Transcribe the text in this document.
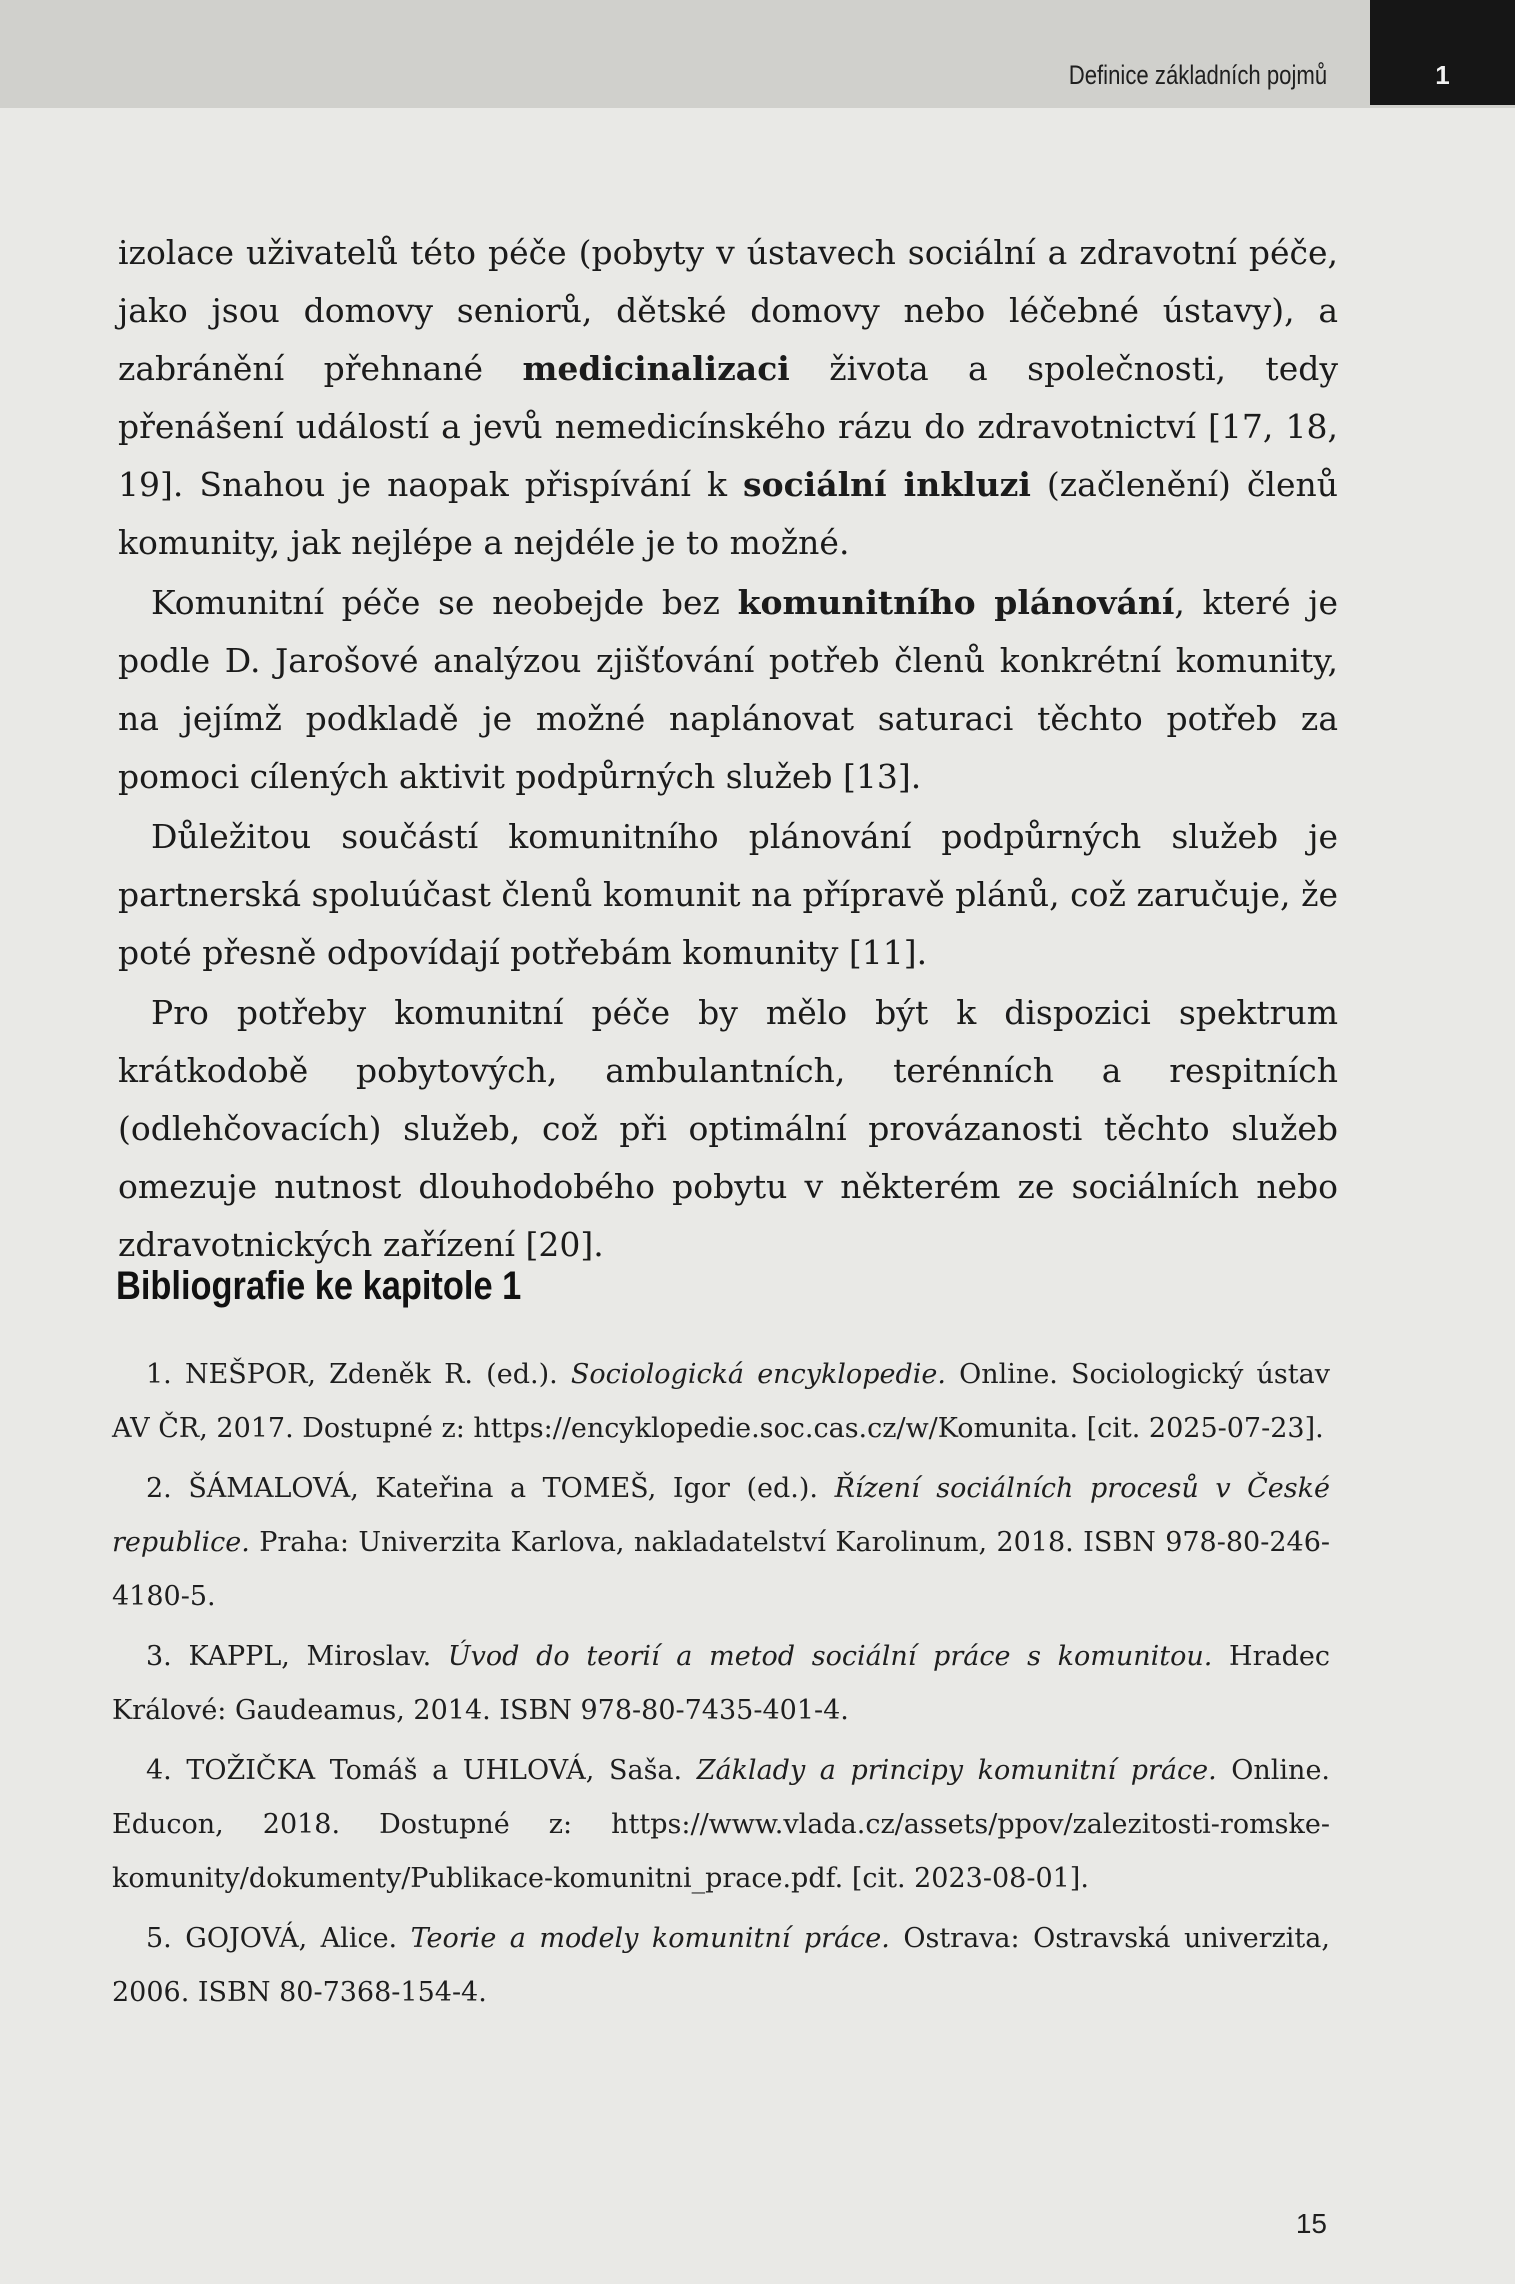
Definice základních pojmů	1

izolace uživatelů této péče (pobyty v ústavech sociální a zdravotní péče, jako jsou domovy seniorů, dětské domovy nebo léčebné ústavy), a zabránění přehnané medicinalizaci života a společnosti, tedy přenášení událostí a jevů nemedicínského rázu do zdravotnictví [17, 18, 19]. Snahou je naopak přispívání k sociální inkluzi (začlenění) členů komunity, jak nejlépe a nejdéle je to možné.

Komunitní péče se neobejde bez komunitního plánování, které je podle D. Jarošové analýzou zjišťování potřeb členů konkrétní komunity, na jejímž podkladě je možné naplánovat saturaci těchto potřeb za pomoci cílených aktivit podpůrných služeb [13].

Důležitou součástí komunitního plánování podpůrných služeb je partnerská spoluúčast členů komunit na přípravě plánů, což zaručuje, že poté přesně odpovídají potřebám komunity [11].

Pro potřeby komunitní péče by mělo být k dispozici spektrum krátkodobě pobytových, ambulantních, terénních a respitních (odlehčovacích) služeb, což při optimální provázanosti těchto služeb omezuje nutnost dlouhodobého pobytu v některém ze sociálních nebo zdravotnických zařízení [20].

Bibliografie ke kapitole 1
1. NEŠPOR, Zdeněk R. (ed.). Sociologická encyklopedie. Online. Sociologický ústav AV ČR, 2017. Dostupné z: https://encyklopedie.soc.cas.cz/w/Komunita. [cit. 2025-07-23].
2. ŠÁMALOVÁ, Kateřina a TOMEŠ, Igor (ed.). Řízení sociálních procesů v České republice. Praha: Univerzita Karlova, nakladatelství Karolinum, 2018. ISBN 978-80-246-4180-5.
3. KAPPL, Miroslav. Úvod do teorií a metod sociální práce s komunitou. Hradec Králové: Gaudeamus, 2014. ISBN 978-80-7435-401-4.
4. TOŽIČKA Tomáš a UHLOVÁ, Saša. Základy a principy komunitní práce. Online. Educon, 2018. Dostupné z: https://www.vlada.cz/assets/ppov/zalezitosti-romske-komunity/dokumenty/Publikace-komunitni_prace.pdf. [cit. 2023-08-01].
5. GOJOVÁ, Alice. Teorie a modely komunitní práce. Ostrava: Ostravská univerzita, 2006. ISBN 80-7368-154-4.
15
